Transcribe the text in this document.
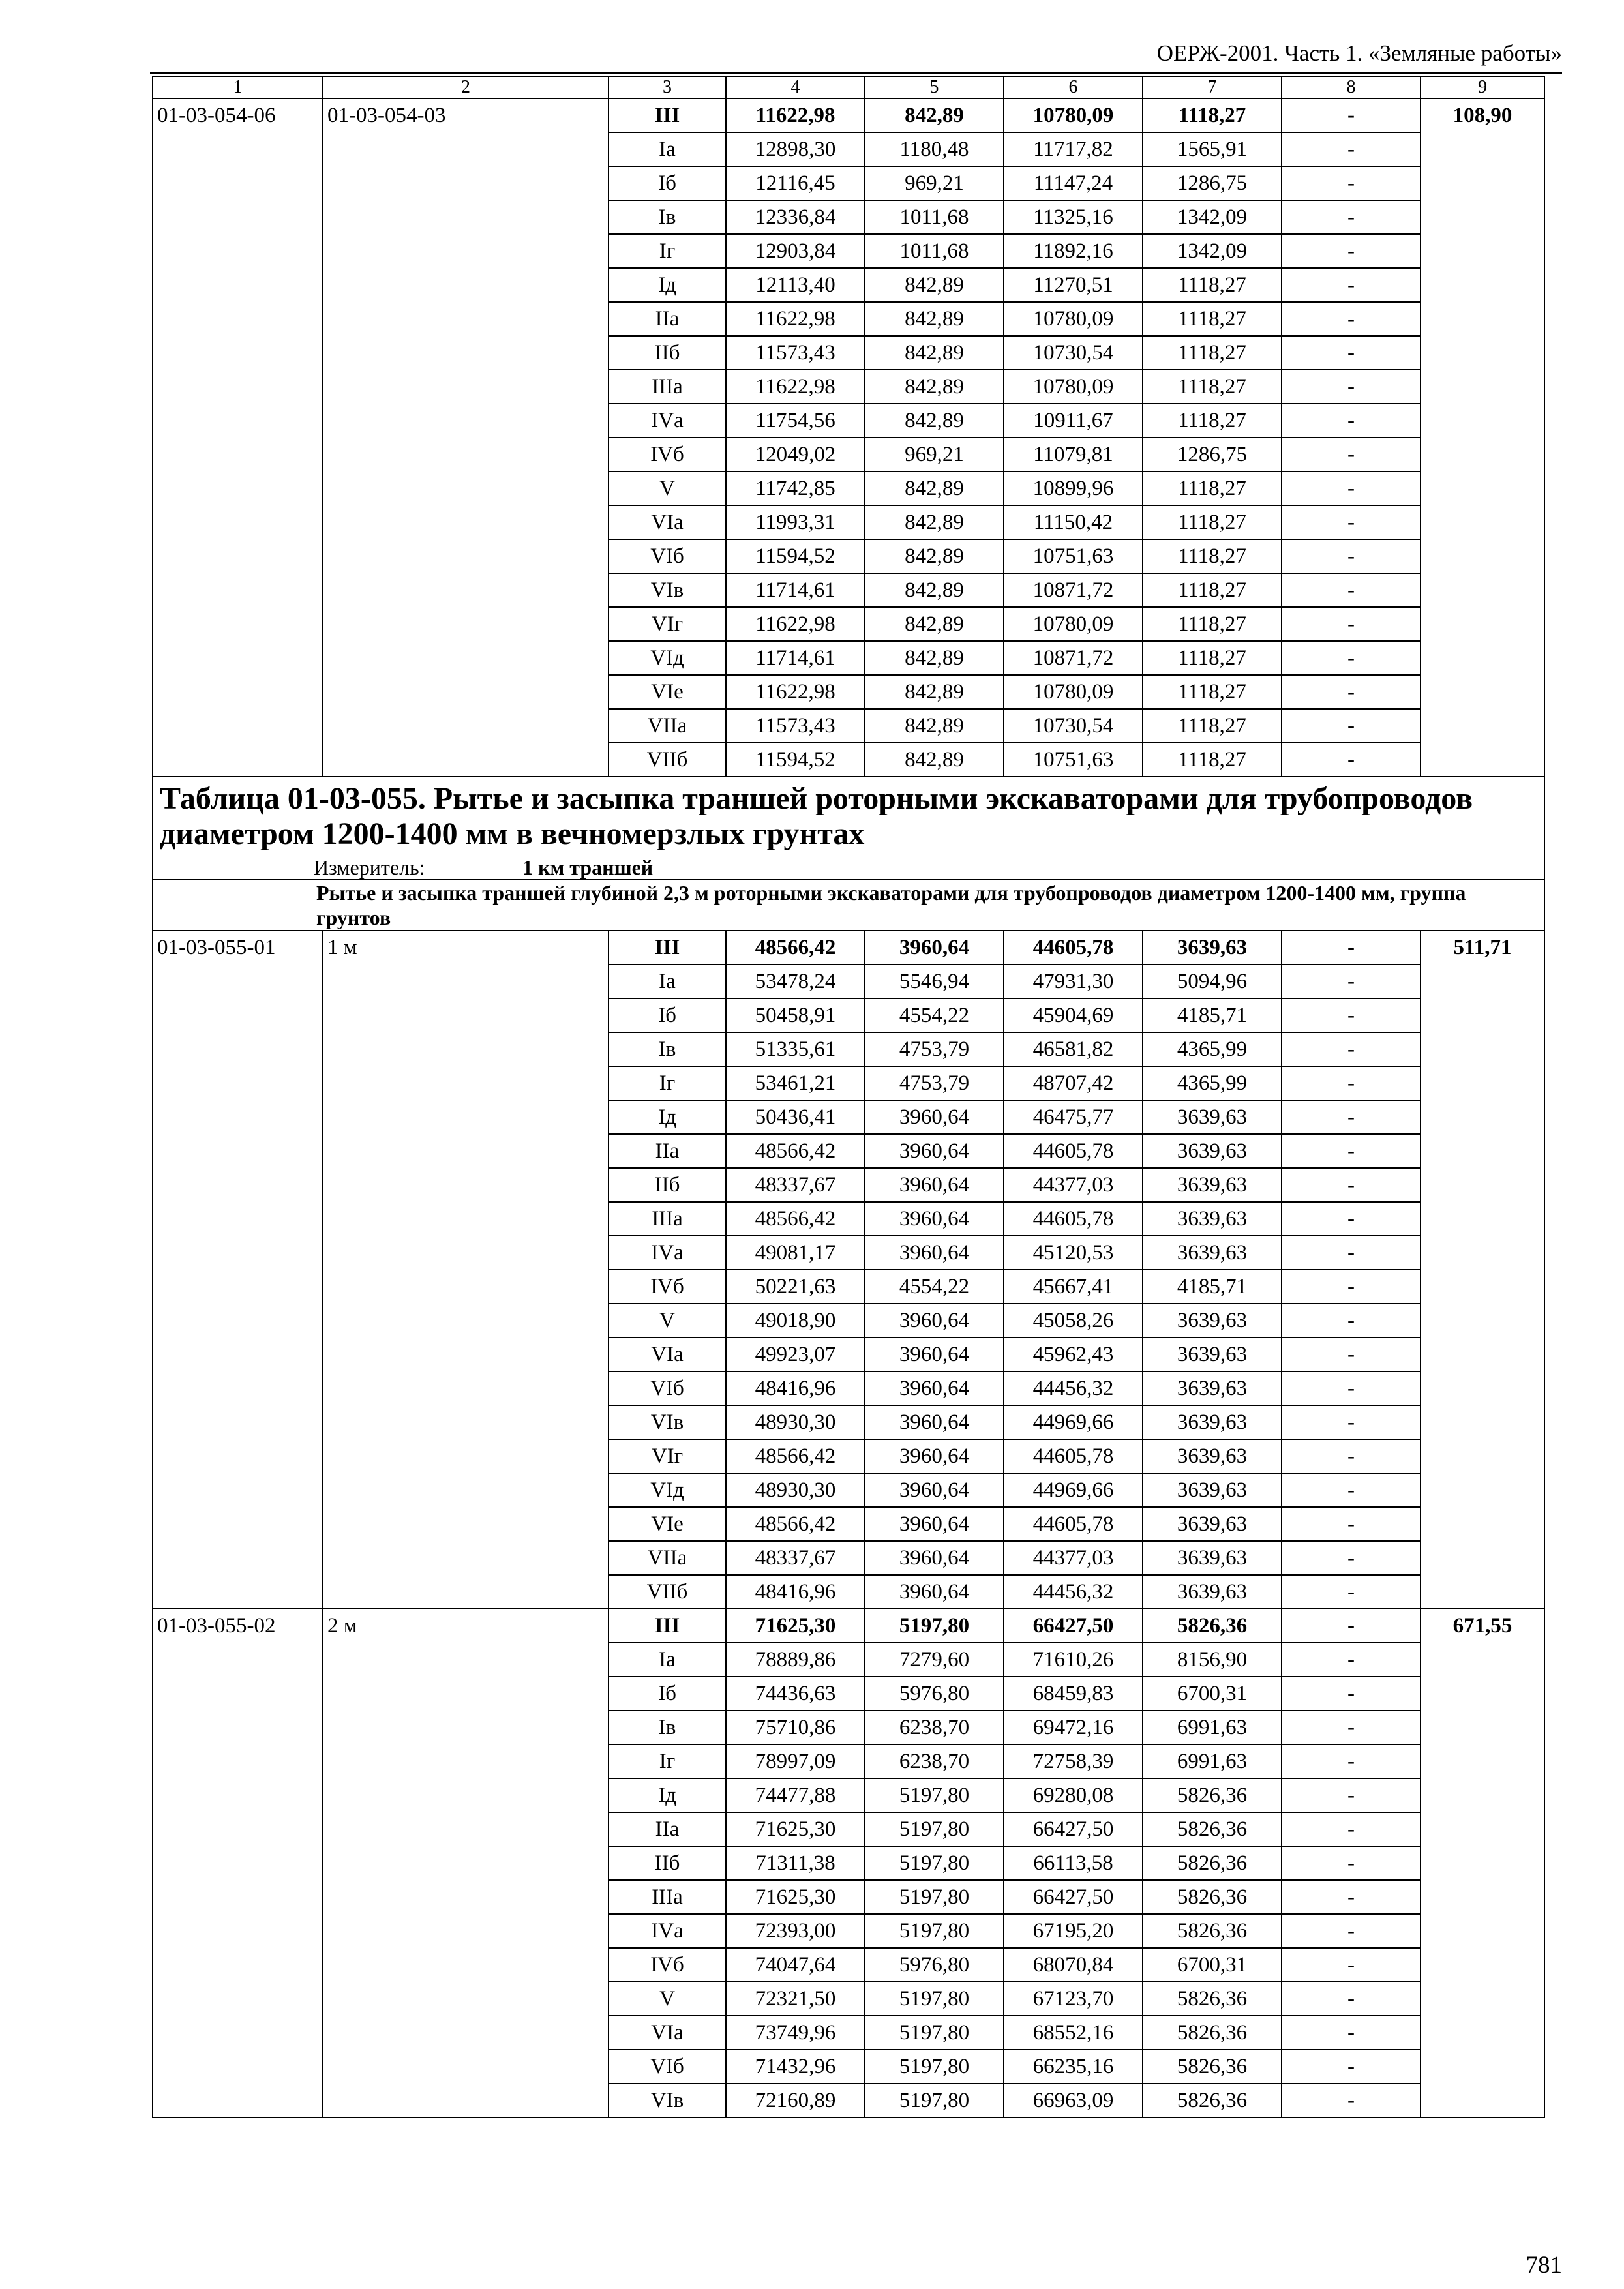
ОЕРЖ-2001. Часть 1. «Земляные работы»
1	2	3	4	5	6	7	8	9
01-03-054-06	01-03-054-03	III	11622,98	842,89	10780,09	1118,27	-	108,90
		Iа	12898,30	1180,48	11717,82	1565,91	-	
		Iб	12116,45	969,21	11147,24	1286,75	-	
		Iв	12336,84	1011,68	11325,16	1342,09	-	
		Iг	12903,84	1011,68	11892,16	1342,09	-	
		Iд	12113,40	842,89	11270,51	1118,27	-	
		IIа	11622,98	842,89	10780,09	1118,27	-	
		IIб	11573,43	842,89	10730,54	1118,27	-	
		IIIа	11622,98	842,89	10780,09	1118,27	-	
		IVа	11754,56	842,89	10911,67	1118,27	-	
		IVб	12049,02	969,21	11079,81	1286,75	-	
		V	11742,85	842,89	10899,96	1118,27	-	
		VIа	11993,31	842,89	11150,42	1118,27	-	
		VIб	11594,52	842,89	10751,63	1118,27	-	
		VIв	11714,61	842,89	10871,72	1118,27	-	
		VIг	11622,98	842,89	10780,09	1118,27	-	
		VIд	11714,61	842,89	10871,72	1118,27	-	
		VIе	11622,98	842,89	10780,09	1118,27	-	
		VIIа	11573,43	842,89	10730,54	1118,27	-	
		VIIб	11594,52	842,89	10751,63	1118,27	-	
Таблица 01-03-055. Рытье и засыпка траншей роторными экскаваторами для трубопроводов диаметром 1200-1400 мм в вечномерзлых грунтах								
Измеритель: 1 км траншей								
Рытье и засыпка траншей глубиной 2,3 м роторными экскаваторами для трубопроводов диаметром 1200-1400 мм, группа грунтов								
01-03-055-01	1 м	III	48566,42	3960,64	44605,78	3639,63	-	511,71
		Iа	53478,24	5546,94	47931,30	5094,96	-	
		Iб	50458,91	4554,22	45904,69	4185,71	-	
		Iв	51335,61	4753,79	46581,82	4365,99	-	
		Iг	53461,21	4753,79	48707,42	4365,99	-	
		Iд	50436,41	3960,64	46475,77	3639,63	-	
		IIа	48566,42	3960,64	44605,78	3639,63	-	
		IIб	48337,67	3960,64	44377,03	3639,63	-	
		IIIа	48566,42	3960,64	44605,78	3639,63	-	
		IVа	49081,17	3960,64	45120,53	3639,63	-	
		IVб	50221,63	4554,22	45667,41	4185,71	-	
		V	49018,90	3960,64	45058,26	3639,63	-	
		VIа	49923,07	3960,64	45962,43	3639,63	-	
		VIб	48416,96	3960,64	44456,32	3639,63	-	
		VIв	48930,30	3960,64	44969,66	3639,63	-	
		VIг	48566,42	3960,64	44605,78	3639,63	-	
		VIд	48930,30	3960,64	44969,66	3639,63	-	
		VIе	48566,42	3960,64	44605,78	3639,63	-	
		VIIа	48337,67	3960,64	44377,03	3639,63	-	
		VIIб	48416,96	3960,64	44456,32	3639,63	-	
01-03-055-02	2 м	III	71625,30	5197,80	66427,50	5826,36	-	671,55
		Iа	78889,86	7279,60	71610,26	8156,90	-	
		Iб	74436,63	5976,80	68459,83	6700,31	-	
		Iв	75710,86	6238,70	69472,16	6991,63	-	
		Iг	78997,09	6238,70	72758,39	6991,63	-	
		Iд	74477,88	5197,80	69280,08	5826,36	-	
		IIа	71625,30	5197,80	66427,50	5826,36	-	
		IIб	71311,38	5197,80	66113,58	5826,36	-	
		IIIа	71625,30	5197,80	66427,50	5826,36	-	
		IVа	72393,00	5197,80	67195,20	5826,36	-	
		IVб	74047,64	5976,80	68070,84	6700,31	-	
		V	72321,50	5197,80	67123,70	5826,36	-	
		VIа	73749,96	5197,80	68552,16	5826,36	-	
		VIб	71432,96	5197,80	66235,16	5826,36	-	
		VIв	72160,89	5197,80	66963,09	5826,36	-	
781
